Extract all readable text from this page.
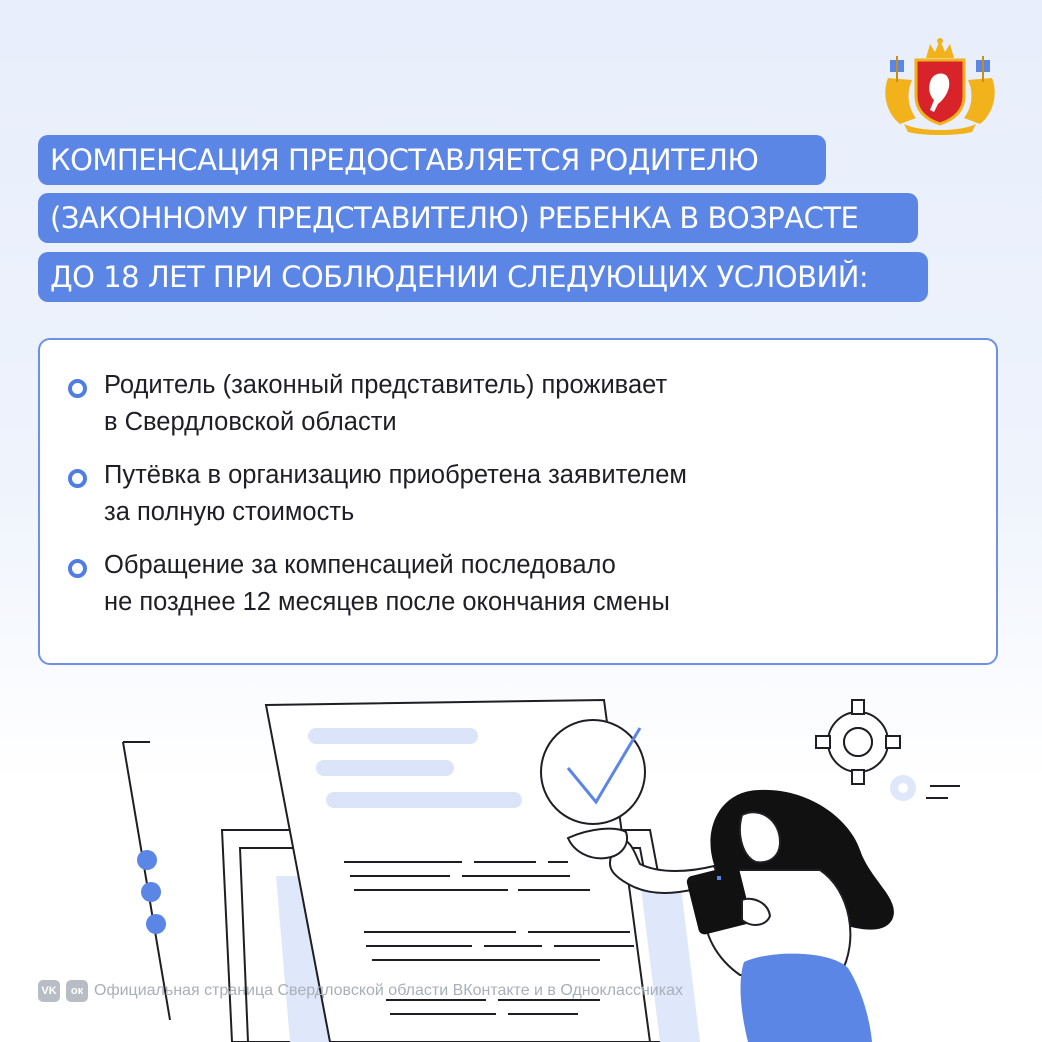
КОМПЕНСАЦИЯ ПРЕДОСТАВЛЯЕТСЯ РОДИТЕЛЮ
(ЗАКОННОМУ ПРЕДСТАВИТЕЛЮ) РЕБЕНКА В ВОЗРАСТЕ
ДО 18 ЛЕТ ПРИ СОБЛЮДЕНИИ СЛЕДУЮЩИХ УСЛОВИЙ:
Родитель (законный представитель) проживает
в Свердловской области
Путёвка в организацию приобретена заявителем
за полную стоимость
Обращение за компенсацией последовало
не позднее 12 месяцев после окончания смены
VK	ок Официальная страница Свердловской области ВКонтакте и в Одноклассниках
